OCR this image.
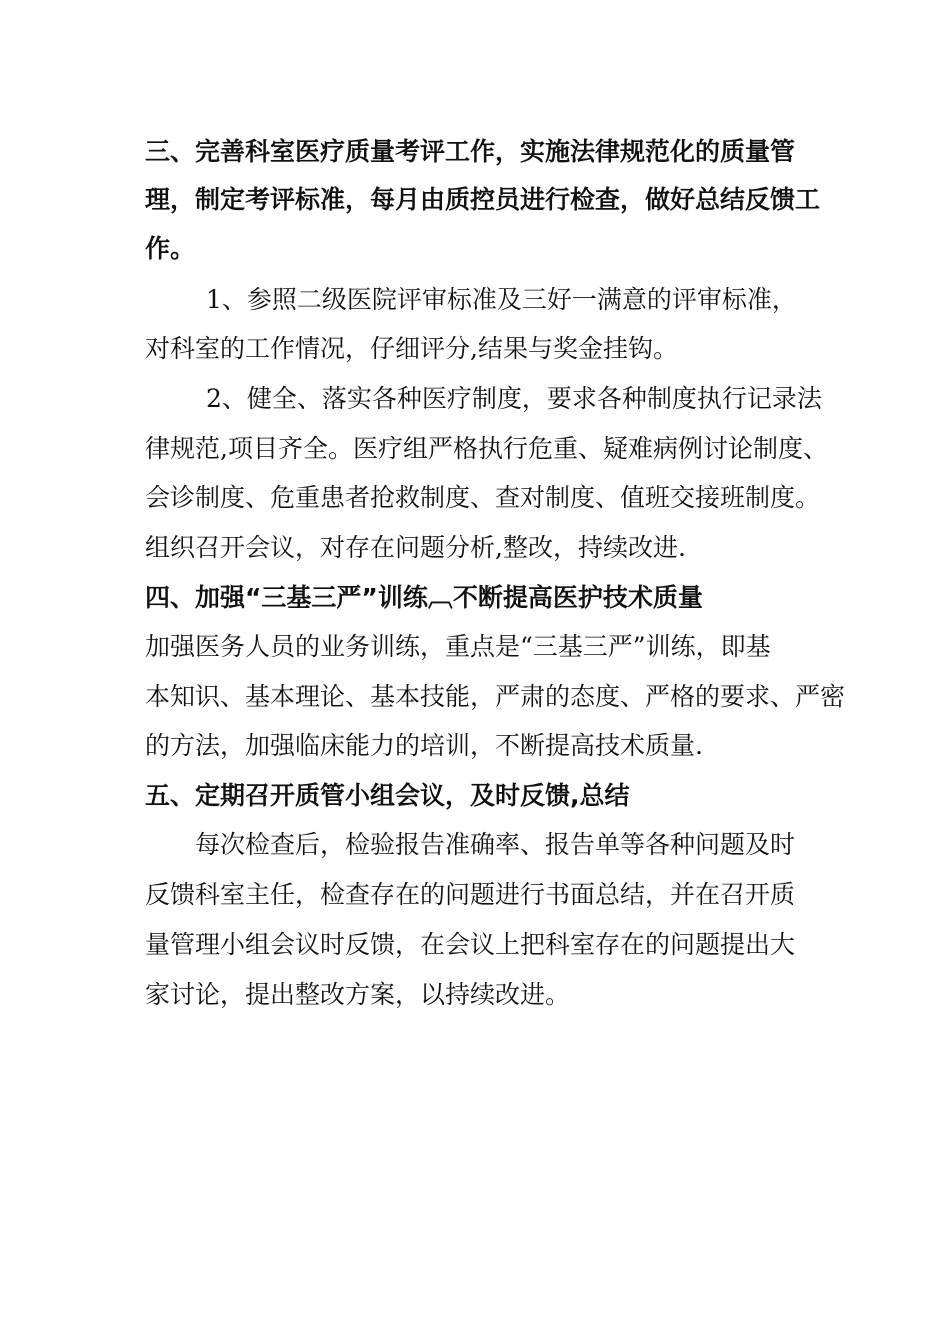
三、完善科室医疗质量考评工作，实施法律规范化的质量管
理，制定考评标准，每月由质控员进行检查，做好总结反馈工
作。
1、参照二级医院评审标准及三好一满意的评审标准，
对科室的工作情况，仔细评分,结果与奖金挂钩。
2、健全、落实各种医疗制度，要求各种制度执行记录法
律规范,项目齐全。医疗组严格执行危重、疑难病例讨论制度、
会诊制度、危重患者抢救制度、查对制度、值班交接班制度。
组织召开会议，对存在问题分析,整改，持续改进.
四、加强“三基三严”训练︹不断提高医护技术质量
加强医务人员的业务训练，重点是“三基三严”训练，即基
本知识、基本理论、基本技能，严肃的态度、严格的要求、严密
的方法，加强临床能力的培训，不断提高技术质量.
五、定期召开质管小组会议，及时反馈,总结
每次检查后，检验报告准确率、报告单等各种问题及时
反馈科室主任，检查存在的问题进行书面总结，并在召开质
量管理小组会议时反馈，在会议上把科室存在的问题提出大
家讨论，提出整改方案，以持续改进。
